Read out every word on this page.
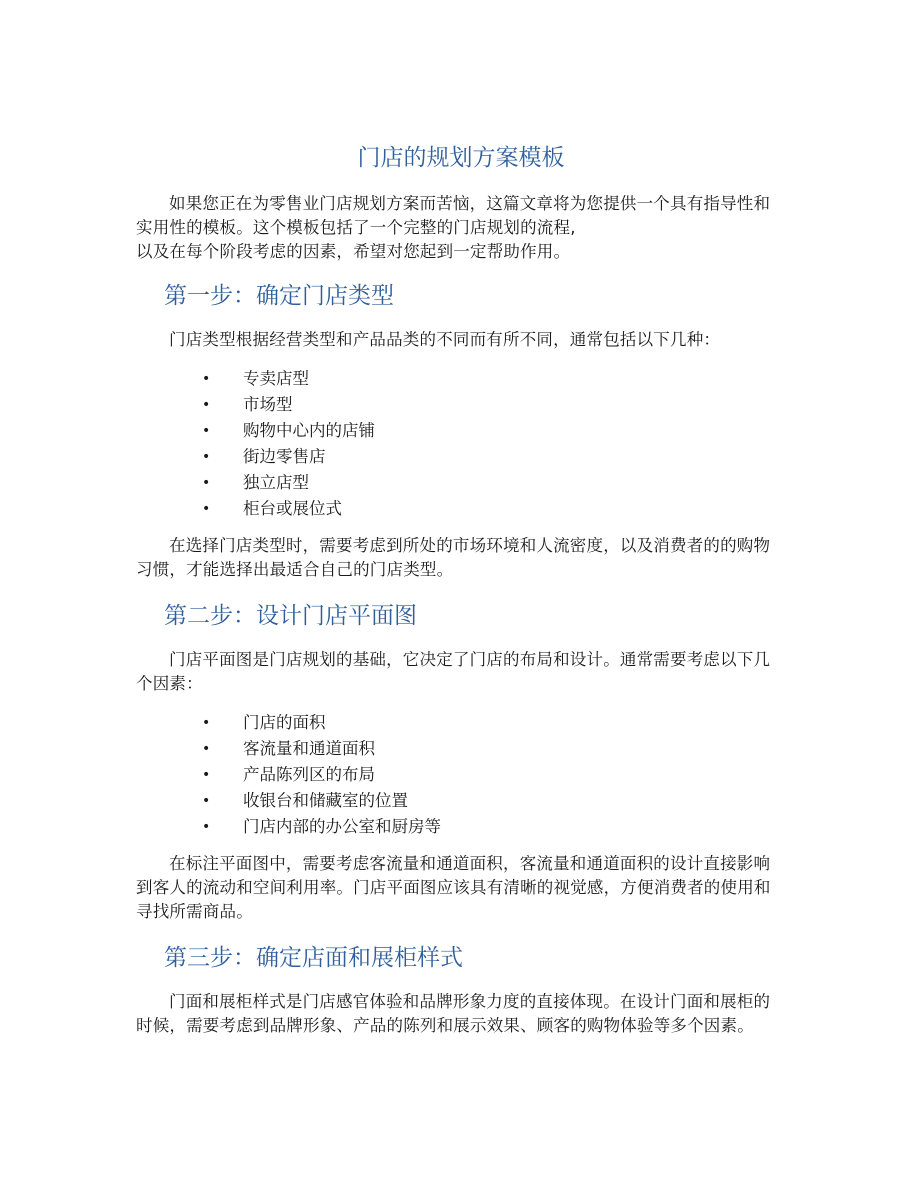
门店的规划方案模板

如果您正在为零售业门店规划方案而苦恼，这篇文章将为您提供一个具有指导性和实用性的模板。这个模板包括了一个完整的门店规划的流程,

以及在每个阶段考虑的因素，希望对您起到一定帮助作用。

第一步：确定门店类型

门店类型根据经营类型和产品品类的不同而有所不同，通常包括以下几种：

• 专卖店型
• 市场型
• 购物中心内的店铺
• 街边零售店
• 独立店型
• 柜台或展位式

在选择门店类型时，需要考虑到所处的市场环境和人流密度，以及消费者的的购物习惯，才能选择出最适合自己的门店类型。

第二步：设计门店平面图

门店平面图是门店规划的基础，它决定了门店的布局和设计。通常需要考虑以下几个因素：

• 门店的面积
• 客流量和通道面积
• 产品陈列区的布局
• 收银台和储藏室的位置
• 门店内部的办公室和厨房等

在标注平面图中，需要考虑客流量和通道面积，客流量和通道面积的设计直接影响到客人的流动和空间利用率。门店平面图应该具有清晰的视觉感，方便消费者的使用和寻找所需商品。

第三步：确定店面和展柜样式

门面和展柜样式是门店感官体验和品牌形象力度的直接体现。在设计门面和展柜的时候，需要考虑到品牌形象、产品的陈列和展示效果、顾客的购物体验等多个因素。
